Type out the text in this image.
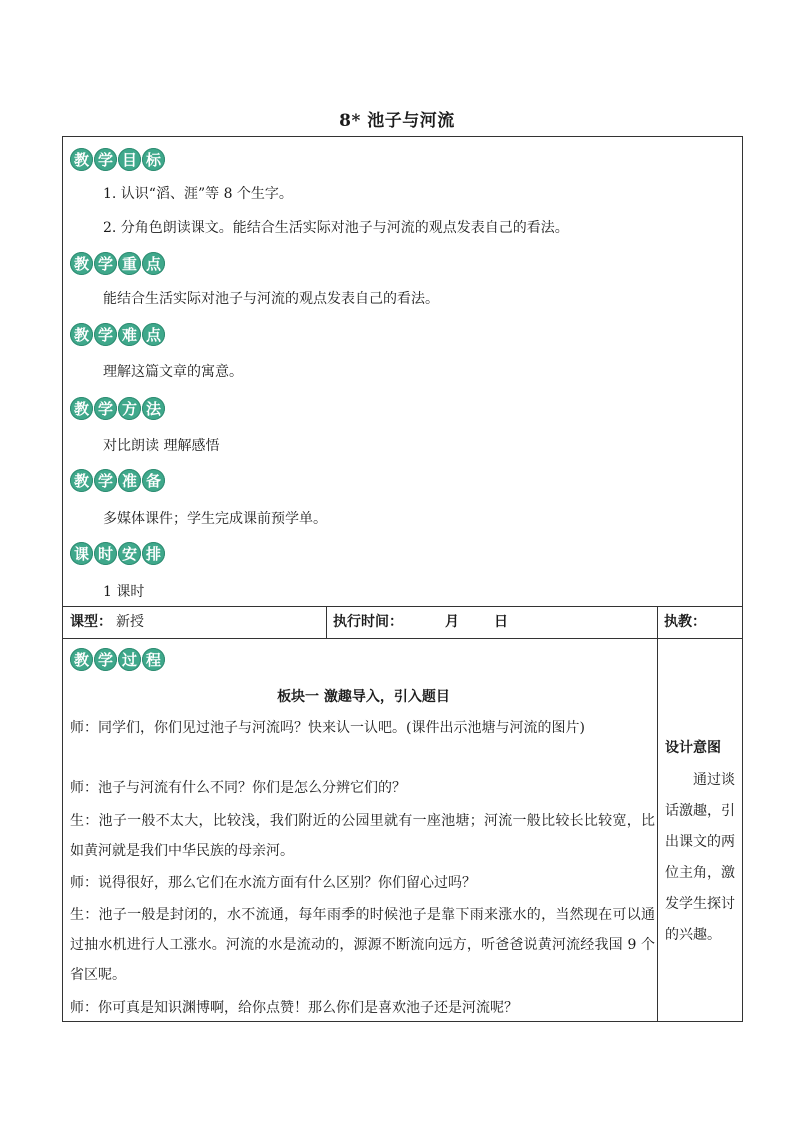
8* 池子与河流
教 学 目 标
1. 认识“滔、涯”等 8 个生字。
2. 分角色朗读课文。能结合生活实际对池子与河流的观点发表自己的看法。
教 学 重 点
能结合生活实际对池子与河流的观点发表自己的看法。
教 学 难 点
理解这篇文章的寓意。
教 学 方 法
对比朗读 理解感悟
教 学 准 备
多媒体课件；学生完成课前预学单。
课 时 安 排
1 课时
课型： 新授	执行时间：	月	日	执教：
教 学 过 程
板块一 激趣导入，引入题目
师：同学们，你们见过池子与河流吗？快来认一认吧。(课件出示池塘与河流的图片)
师：池子与河流有什么不同？你们是怎么分辨它们的？
生：池子一般不太大，比较浅，我们附近的公园里就有一座池塘；河流一般比较长比较宽，比如黄河就是我们中华民族的母亲河。
师：说得很好，那么它们在水流方面有什么区别？你们留心过吗？
生：池子一般是封闭的，水不流通，每年雨季的时候池子是靠下雨来涨水的，当然现在可以通过抽水机进行人工涨水。河流的水是流动的，源源不断流向远方，听爸爸说黄河流经我国 9 个省区呢。
师：你可真是知识渊博啊，给你点赞！那么你们是喜欢池子还是河流呢？
设计意图
通过谈话激趣，引出课文的两位主角，激发学生探讨的兴趣。
